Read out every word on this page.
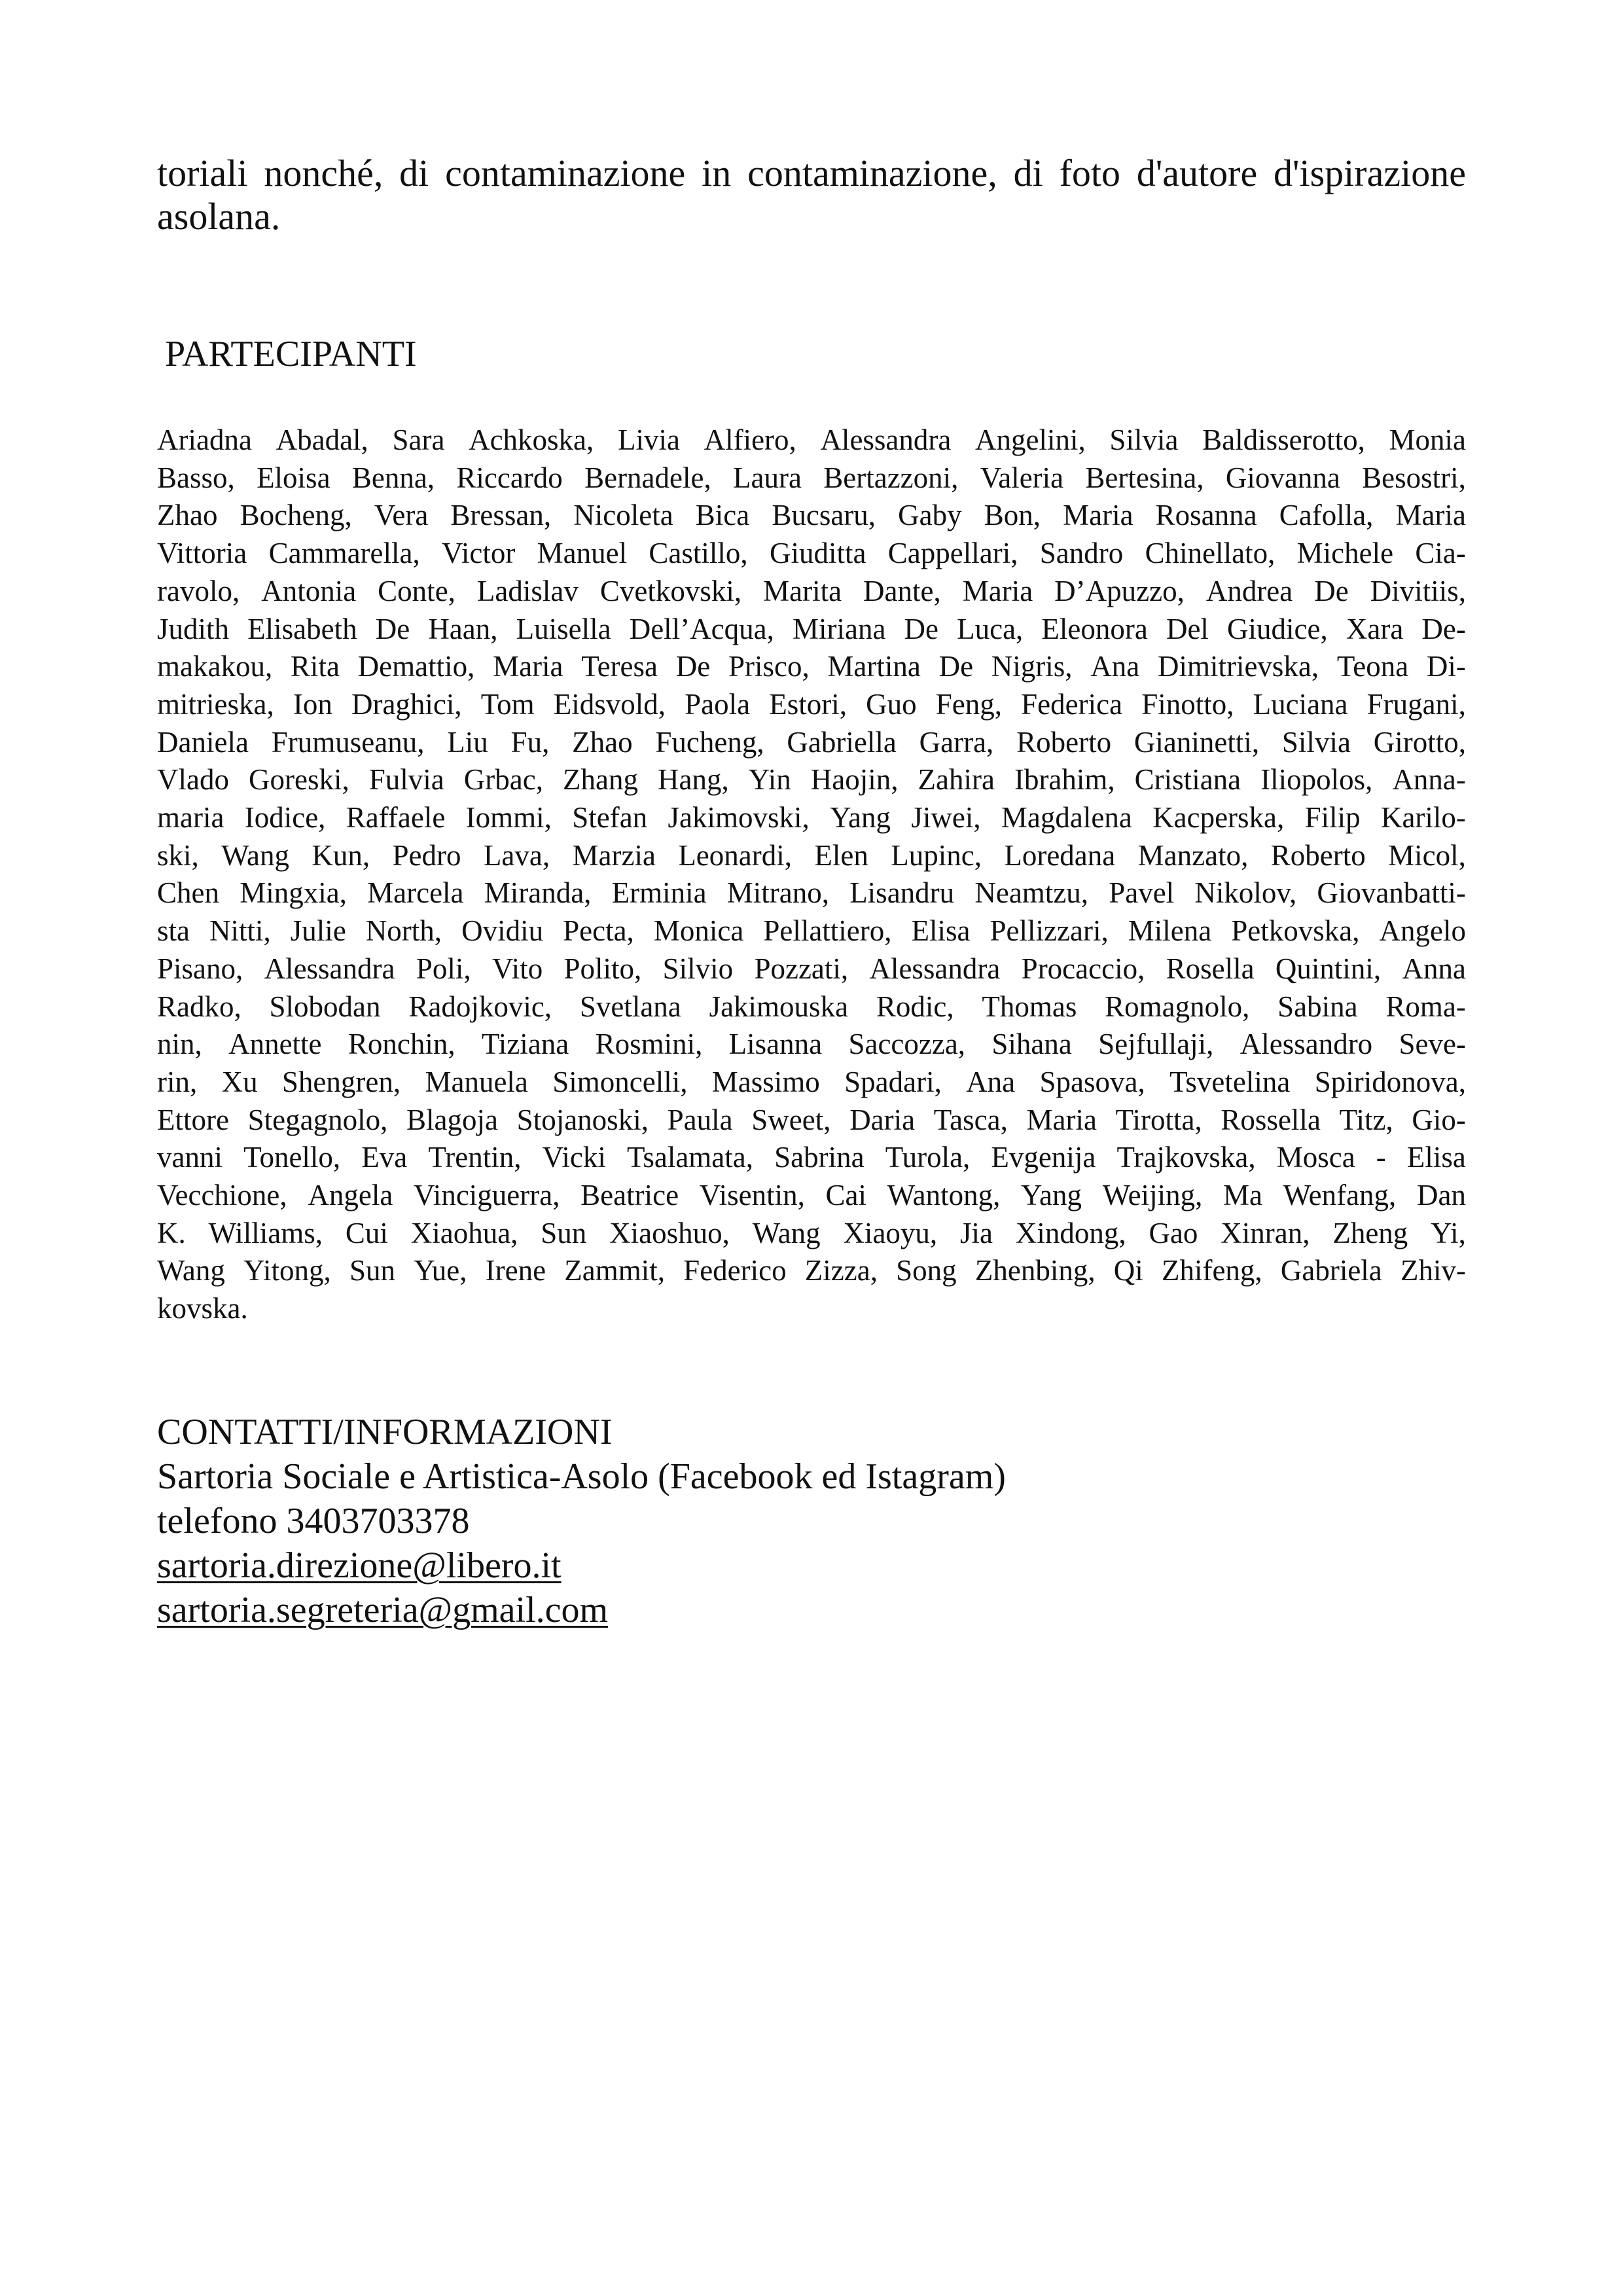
toriali nonché, di contaminazione in contaminazione, di foto d'autore d'ispirazione
asolana.
PARTECIPANTI
Ariadna Abadal, Sara Achkoska, Livia Alfiero, Alessandra Angelini, Silvia Baldisserotto, Monia
Basso, Eloisa Benna, Riccardo Bernadele, Laura Bertazzoni, Valeria Bertesina, Giovanna Besostri,
Zhao Bocheng, Vera Bressan, Nicoleta Bica Bucsaru, Gaby Bon, Maria Rosanna Cafolla, Maria
Vittoria Cammarella, Victor Manuel Castillo, Giuditta Cappellari, Sandro Chinellato, Michele Cia-
ravolo, Antonia Conte, Ladislav Cvetkovski, Marita Dante, Maria D’Apuzzo, Andrea De Divitiis,
Judith Elisabeth De Haan, Luisella Dell’Acqua, Miriana De Luca, Eleonora Del Giudice, Xara De-
makakou, Rita Demattio, Maria Teresa De Prisco, Martina De Nigris, Ana Dimitrievska, Teona Di-
mitrieska, Ion Draghici, Tom Eidsvold, Paola Estori, Guo Feng, Federica Finotto, Luciana Frugani,
Daniela Frumuseanu, Liu Fu, Zhao Fucheng, Gabriella Garra, Roberto Gianinetti, Silvia Girotto,
Vlado Goreski, Fulvia Grbac, Zhang Hang, Yin Haojin, Zahira Ibrahim, Cristiana Iliopolos, Anna-
maria Iodice, Raffaele Iommi, Stefan Jakimovski, Yang Jiwei, Magdalena Kacperska, Filip Karilo-
ski, Wang Kun, Pedro Lava, Marzia Leonardi, Elen Lupinc, Loredana Manzato, Roberto Micol,
Chen Mingxia, Marcela Miranda, Erminia Mitrano, Lisandru Neamtzu, Pavel Nikolov, Giovanbatti-
sta Nitti, Julie North, Ovidiu Pecta, Monica Pellattiero, Elisa Pellizzari, Milena Petkovska, Angelo
Pisano, Alessandra Poli, Vito Polito, Silvio Pozzati, Alessandra Procaccio, Rosella Quintini, Anna
Radko, Slobodan Radojkovic, Svetlana Jakimouska Rodic, Thomas Romagnolo, Sabina Roma-
nin, Annette Ronchin, Tiziana Rosmini, Lisanna Saccozza, Sihana Sejfullaji, Alessandro Seve-
rin, Xu Shengren, Manuela Simoncelli, Massimo Spadari, Ana Spasova, Tsvetelina Spiridonova,
Ettore Stegagnolo, Blagoja Stojanoski, Paula Sweet, Daria Tasca, Maria Tirotta, Rossella Titz, Gio-
vanni Tonello, Eva Trentin, Vicki Tsalamata, Sabrina Turola, Evgenija Trajkovska, Mosca - Elisa
Vecchione, Angela Vinciguerra, Beatrice Visentin, Cai Wantong, Yang Weijing, Ma Wenfang, Dan
K. Williams, Cui Xiaohua, Sun Xiaoshuo, Wang Xiaoyu, Jia Xindong, Gao Xinran, Zheng Yi,
Wang Yitong, Sun Yue, Irene Zammit, Federico Zizza, Song Zhenbing, Qi Zhifeng, Gabriela Zhiv-
kovska.
CONTATTI/INFORMAZIONI
Sartoria Sociale e Artistica-Asolo (Facebook ed Istagram)
telefono 3403703378
sartoria.direzione@libero.it
sartoria.segreteria@gmail.com
